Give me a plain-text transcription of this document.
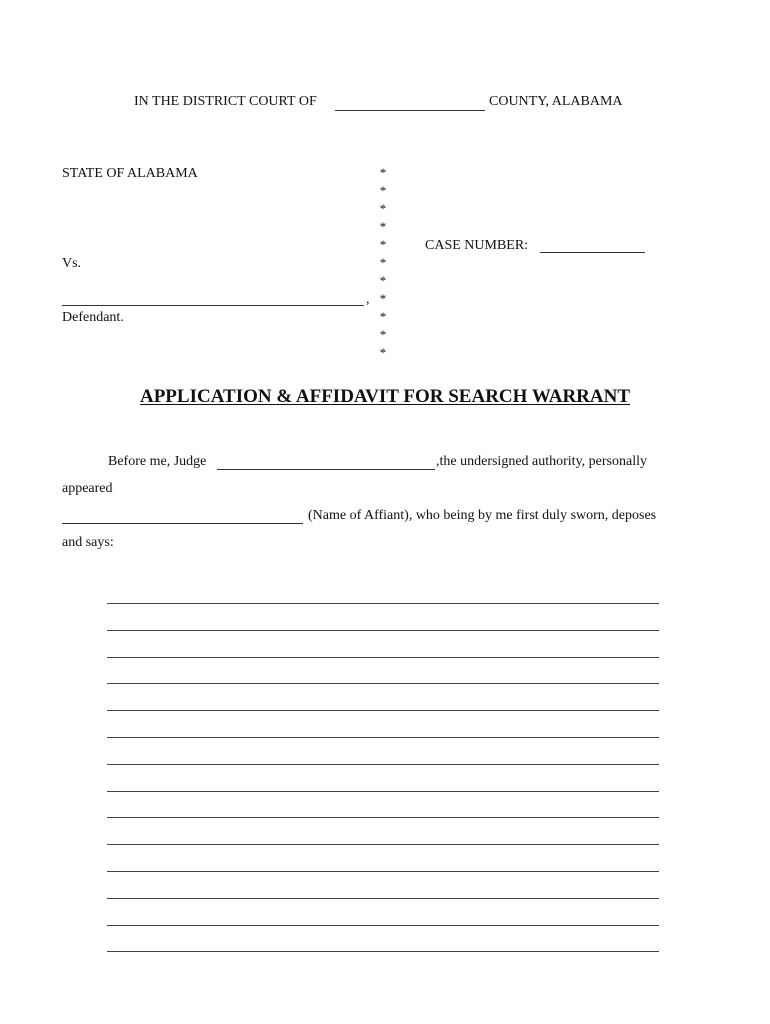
IN THE DISTRICT COURT OF	COUNTY, ALABAMA
STATE OF ALABAMA
Vs.
,
Defendant.
*
*
*
*
*
*
*
*
*
*
*
CASE NUMBER:
APPLICATION & AFFIDAVIT FOR SEARCH WARRANT
Before me, Judge	,the undersigned authority, personally
appeared
(Name of Affiant), who being by me first duly sworn, deposes
and says:
